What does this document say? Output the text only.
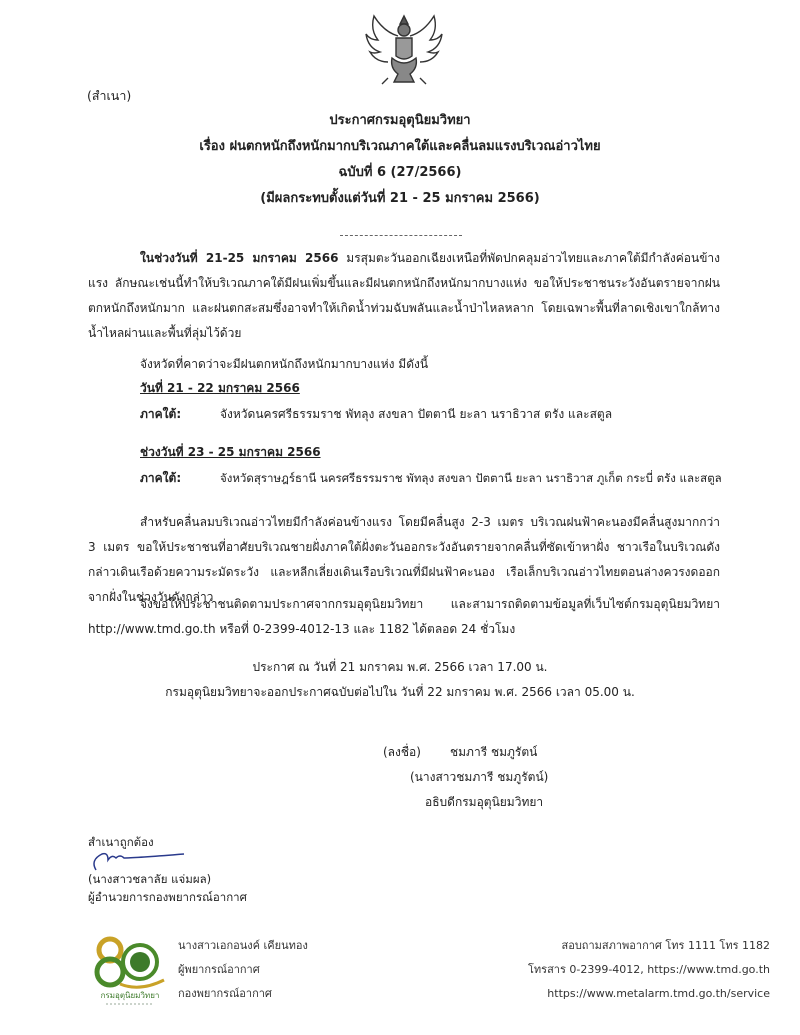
(สำเนา)
ประกาศกรมอุตุนิยมวิทยา
เรื่อง ฝนตกหนักถึงหนักมากบริเวณภาคใต้และคลื่นลมแรงบริเวณอ่าวไทย
ฉบับที่ 6 (27/2566)
(มีผลกระทบตั้งแต่วันที่ 21 - 25 มกราคม 2566)
ในช่วงวันที่ 21-25 มกราคม 2566 มรสุมตะวันออกเฉียงเหนือที่พัดปกคลุมอ่าวไทยและภาคใต้มีกำลังค่อนข้างแรง ลักษณะเช่นนี้ทำให้บริเวณภาคใต้มีฝนเพิ่มขึ้นและมีฝนตกหนักถึงหนักมากบางแห่ง ขอให้ประชาชนระวังอันตรายจากฝนตกหนักถึงหนักมาก และฝนตกสะสมซึ่งอาจทำให้เกิดน้ำท่วมฉับพลันและน้ำป่าไหลหลาก โดยเฉพาะพื้นที่ลาดเชิงเขาใกล้ทางน้ำไหลผ่านและพื้นที่ลุ่มไว้ด้วย
จังหวัดที่คาดว่าจะมีฝนตกหนักถึงหนักมากบางแห่ง มีดังนี้
วันที่ 21 - 22 มกราคม 2566
ภาคใต้:	จังหวัดนครศรีธรรมราช พัทลุง สงขลา ปัตตานี ยะลา นราธิวาส ตรัง และสตูล
ช่วงวันที่ 23 - 25 มกราคม 2566
ภาคใต้:	จังหวัดสุราษฎร์ธานี นครศรีธรรมราช พัทลุง สงขลา ปัตตานี ยะลา นราธิวาส ภูเก็ต กระบี่ ตรัง และสตูล
สำหรับคลื่นลมบริเวณอ่าวไทยมีกำลังค่อนข้างแรง โดยมีคลื่นสูง 2-3 เมตร บริเวณฝนฟ้าคะนองมีคลื่นสูงมากกว่า 3 เมตร ขอให้ประชาชนที่อาศัยบริเวณชายฝั่งภาคใต้ฝั่งตะวันออกระวังอันตรายจากคลื่นที่ซัดเข้าหาฝั่ง ชาวเรือในบริเวณดังกล่าวเดินเรือด้วยความระมัดระวัง และหลีกเลี่ยงเดินเรือบริเวณที่มีฝนฟ้าคะนอง เรือเล็กบริเวณอ่าวไทยตอนล่างควรงดออกจากฝั่งในช่วงวันดังกล่าว
จึงขอให้ประชาชนติดตามประกาศจากกรมอุตุนิยมวิทยา และสามารถติดตามข้อมูลที่เว็บไซต์กรมอุตุนิยมวิทยา http://www.tmd.go.th หรือที่ 0-2399-4012-13 และ 1182 ได้ตลอด 24 ชั่วโมง
ประกาศ ณ วันที่ 21 มกราคม พ.ศ. 2566 เวลา 17.00 น.
กรมอุตุนิยมวิทยาจะออกประกาศฉบับต่อไปใน วันที่ 22 มกราคม พ.ศ. 2566 เวลา 05.00 น.
(ลงชื่อ) ชมภารี ชมภูรัตน์
(นางสาวชมภารี ชมภูรัตน์)
อธิบดีกรมอุตุนิยมวิทยา
สำเนาถูกต้อง
(นางสาวชลาลัย แจ่มผล)
ผู้อำนวยการกองพยากรณ์อากาศ
กรมอุตุนิยมวิทยา
นางสาวเอกอนงค์ เคียนทอง
ผู้พยากรณ์อากาศ
กองพยากรณ์อากาศ
สอบถามสภาพอากาศ โทร 1111 โทร 1182
โทรสาร 0-2399-4012, https://www.tmd.go.th
https://www.metalarm.tmd.go.th/service
